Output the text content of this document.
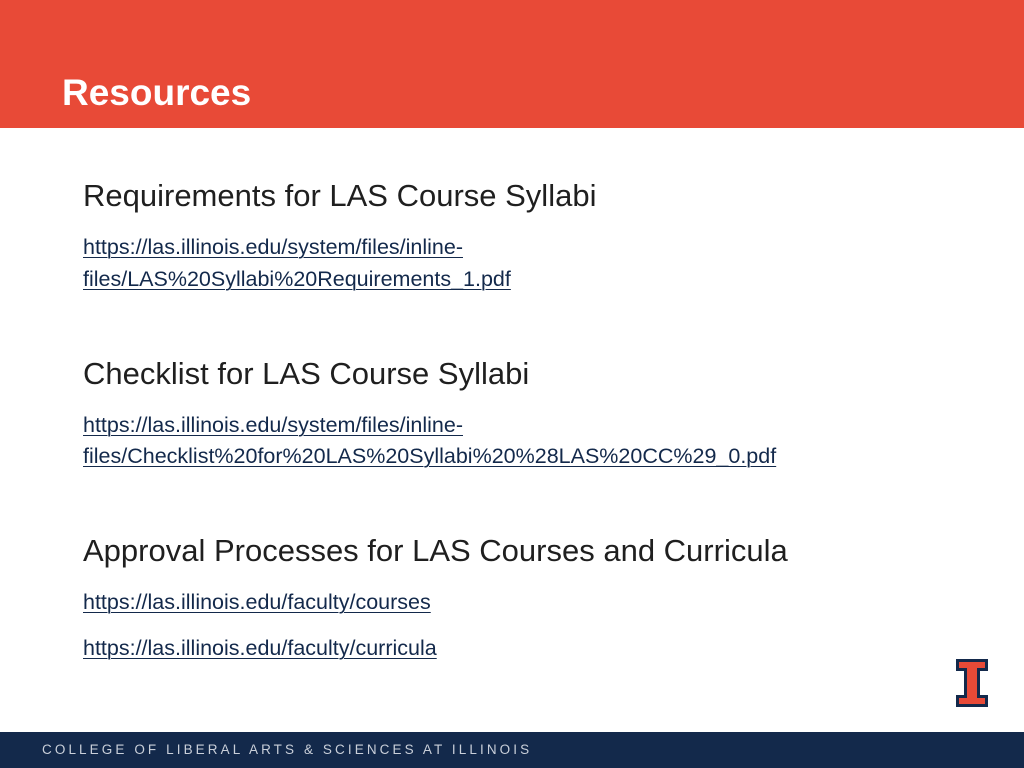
Resources
Requirements for LAS Course Syllabi
https://las.illinois.edu/system/files/inline-
files/LAS%20Syllabi%20Requirements_1.pdf
Checklist for LAS Course Syllabi
https://las.illinois.edu/system/files/inline-
files/Checklist%20for%20LAS%20Syllabi%20%28LAS%20CC%29_0.pdf
Approval Processes for LAS Courses and Curricula
https://las.illinois.edu/faculty/courses
https://las.illinois.edu/faculty/curricula
COLLEGE OF LIBERAL ARTS & SCIENCES AT ILLINOIS
